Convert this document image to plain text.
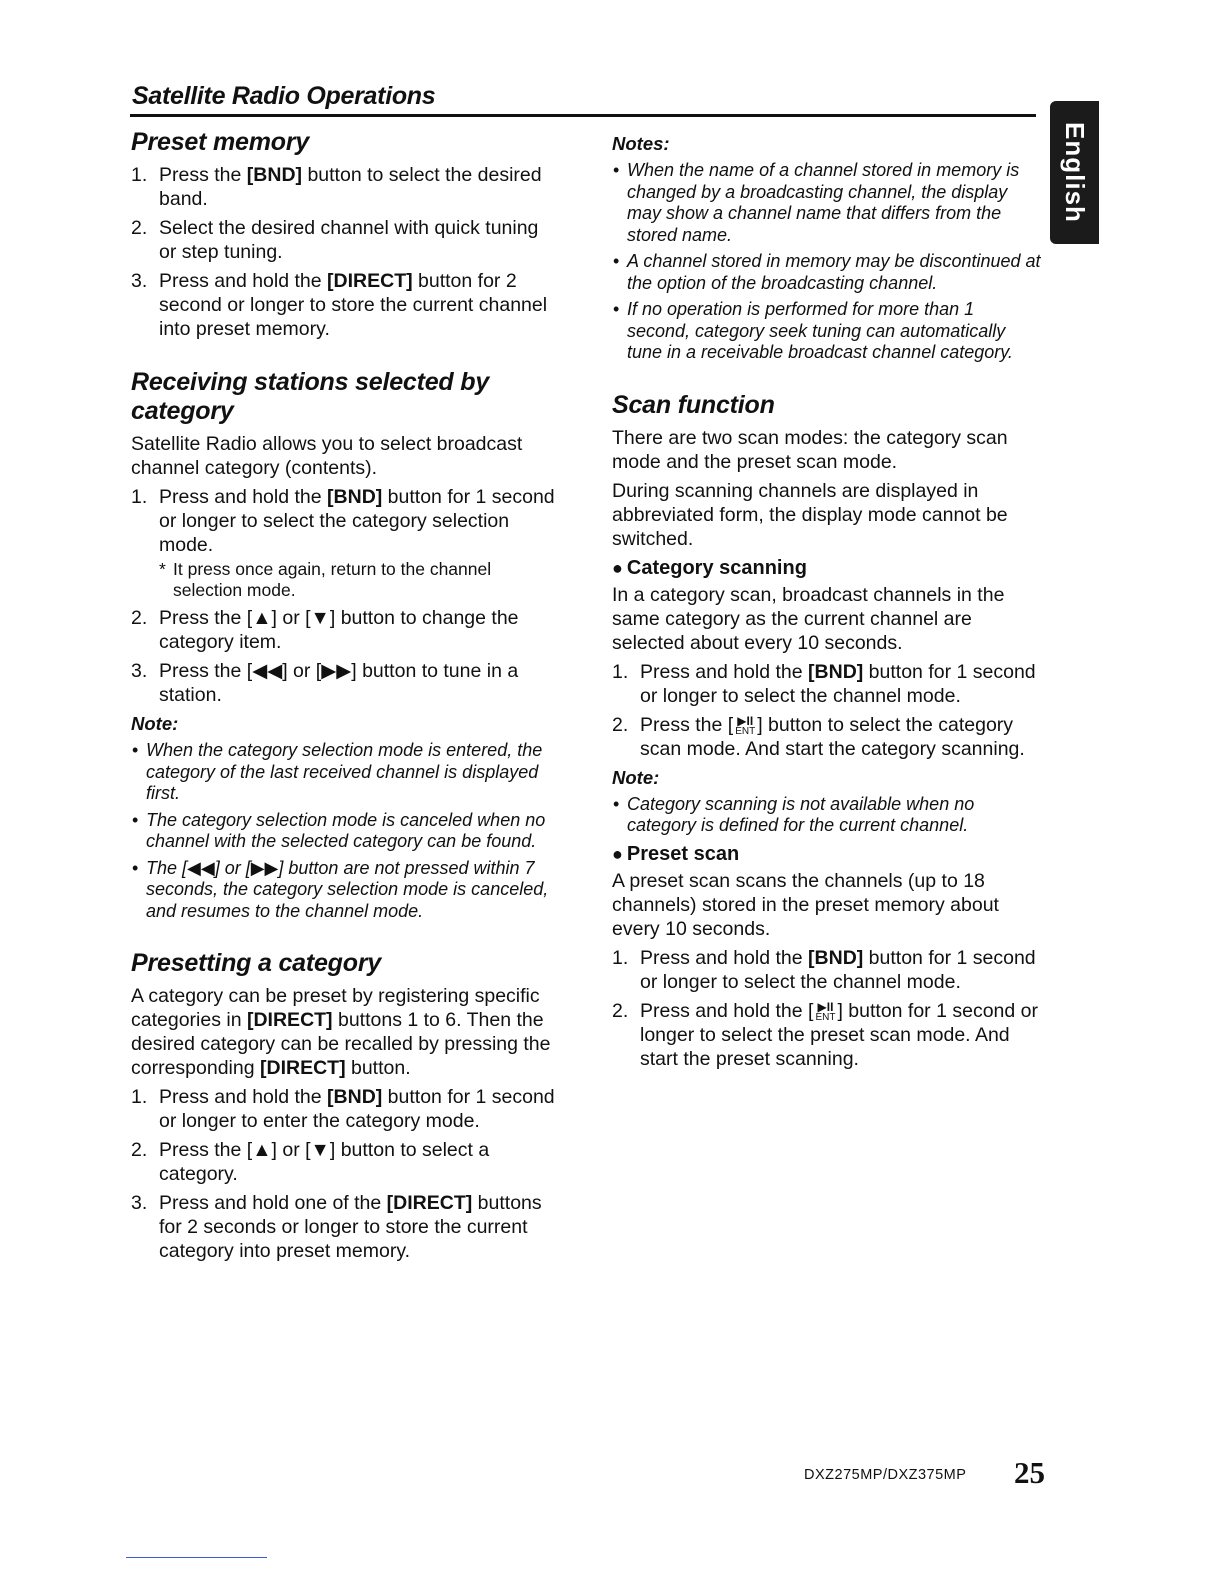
Satellite Radio Operations
English
Preset memory
1. Press the [BND] button to select the desired band.
2. Select the desired channel with quick tuning or step tuning.
3. Press and hold the [DIRECT] button for 2 second or longer to store the current channel into preset memory.
Receiving stations selected by category

Satellite Radio allows you to select broadcast channel category (contents).

1. Press and hold the [BND] button for 1 second or longer to select the category selection mode.
* It press once again, return to the channel selection mode.
2. Press the [▲] or [▼] button to change the category item.
3. Press the [◀◀] or [▶▶] button to tune in a station.
Note:
• When the category selection mode is entered, the category of the last received channel is displayed first.
• The category selection mode is canceled when no channel with the selected category can be found.
• The [◀◀] or [▶▶] button are not pressed within 7 seconds, the category selection mode is canceled, and resumes to the channel mode.
Presetting a category

A category can be preset by registering specific categories in [DIRECT] buttons 1 to 6. Then the desired category can be recalled by pressing the corresponding [DIRECT] button.

1. Press and hold the [BND] button for 1 second or longer to enter the category mode.
2. Press the [▲] or [▼] button to select a category.
3. Press and hold one of the [DIRECT] buttons for 2 seconds or longer to store the current category into preset memory.
Notes:
• When the name of a channel stored in memory is changed by a broadcasting channel, the display may show a channel name that differs from the stored name.
• A channel stored in memory may be discontinued at the option of the broadcasting channel.
• If no operation is performed for more than 1 second, category seek tuning can automatically tune in a receivable broadcast channel category.
Scan function

There are two scan modes: the category scan mode and the preset scan mode.

During scanning channels are displayed in abbreviated form, the display mode cannot be switched.

● Category scanning

In a category scan, broadcast channels in the same category as the current channel are selected about every 10 seconds.

1. Press and hold the [BND] button for 1 second or longer to select the channel mode.
2. Press the [ ▶II
ENT ] button to select the category scan mode. And start the category scanning.
Note:
• Category scanning is not available when no category is defined for the current channel.
● Preset scan

A preset scan scans the channels (up to 18 channels) stored in the preset memory about every 10 seconds.

1. Press and hold the [BND] button for 1 second or longer to select the channel mode.
2. Press and hold the [ ▶II
ENT ] button for 1 second or longer to select the preset scan mode. And start the preset scanning.
DXZ275MP/DXZ375MP 25
